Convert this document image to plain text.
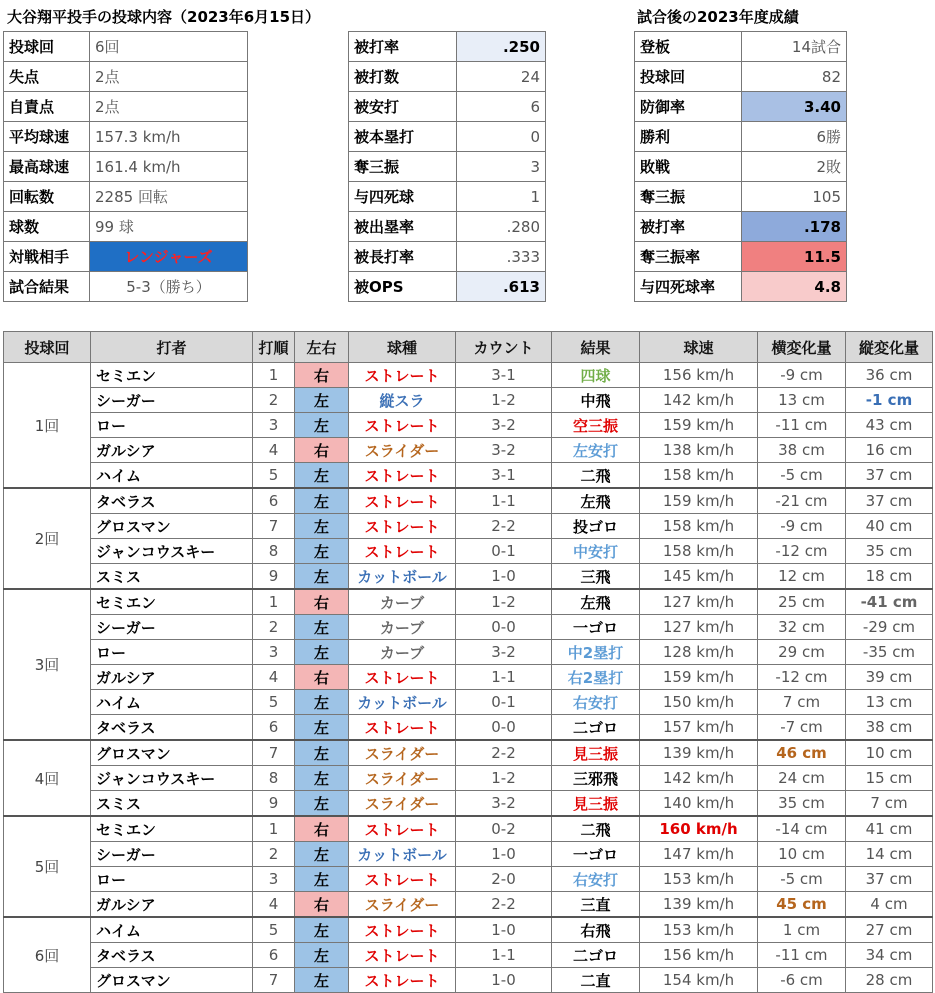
大谷翔平投手の投球内容（2023年6月15日）	試合後の2023年度成績
投球回	6回
失点	2点
自責点	2点
平均球速	157.3 km/h
最高球速	161.4 km/h
回転数	2285 回転
球数	99 球
対戦相手	レンジャーズ
試合結果	5-3（勝ち）
被打率	.250
被打数	24
被安打	6
被本塁打	0
奪三振	3
与四死球	1
被出塁率	.280
被長打率	.333
被OPS	.613
登板	14試合
投球回	82
防御率	3.40
勝利	6勝
敗戦	2敗
奪三振	105
被打率	.178
奪三振率	11.5
与四死球率	4.8
投球回	打者	打順	左右	球種	カウント	結果	球速	横変化量	縦変化量
1回	セミエン	1	右	ストレート	3-1	四球	156 km/h	-9 cm	36 cm
	シーガー	2	左	縦スラ	1-2	中飛	142 km/h	13 cm	-1 cm
	ロー	3	左	ストレート	3-2	空三振	159 km/h	-11 cm	43 cm
	ガルシア	4	右	スライダー	3-2	左安打	138 km/h	38 cm	16 cm
	ハイム	5	左	ストレート	3-1	二飛	158 km/h	-5 cm	37 cm
2回	タベラス	6	左	ストレート	1-1	左飛	159 km/h	-21 cm	37 cm
	グロスマン	7	左	ストレート	2-2	投ゴロ	158 km/h	-9 cm	40 cm
	ジャンコウスキー	8	左	ストレート	0-1	中安打	158 km/h	-12 cm	35 cm
	スミス	9	左	カットボール	1-0	三飛	145 km/h	12 cm	18 cm
3回	セミエン	1	右	カーブ	1-2	左飛	127 km/h	25 cm	-41 cm
	シーガー	2	左	カーブ	0-0	一ゴロ	127 km/h	32 cm	-29 cm
	ロー	3	左	カーブ	3-2	中2塁打	128 km/h	29 cm	-35 cm
	ガルシア	4	右	ストレート	1-1	右2塁打	159 km/h	-12 cm	39 cm
	ハイム	5	左	カットボール	0-1	右安打	150 km/h	7 cm	13 cm
	タベラス	6	左	ストレート	0-0	二ゴロ	157 km/h	-7 cm	38 cm
4回	グロスマン	7	左	スライダー	2-2	見三振	139 km/h	46 cm	10 cm
	ジャンコウスキー	8	左	スライダー	1-2	三邪飛	142 km/h	24 cm	15 cm
	スミス	9	左	スライダー	3-2	見三振	140 km/h	35 cm	7 cm
5回	セミエン	1	右	ストレート	0-2	二飛	160 km/h	-14 cm	41 cm
	シーガー	2	左	カットボール	1-0	一ゴロ	147 km/h	10 cm	14 cm
	ロー	3	左	ストレート	2-0	右安打	153 km/h	-5 cm	37 cm
	ガルシア	4	右	スライダー	2-2	三直	139 km/h	45 cm	4 cm
6回	ハイム	5	左	ストレート	1-0	右飛	153 km/h	1 cm	27 cm
	タベラス	6	左	ストレート	1-1	二ゴロ	156 km/h	-11 cm	34 cm
	グロスマン	7	左	ストレート	1-0	二直	154 km/h	-6 cm	28 cm
